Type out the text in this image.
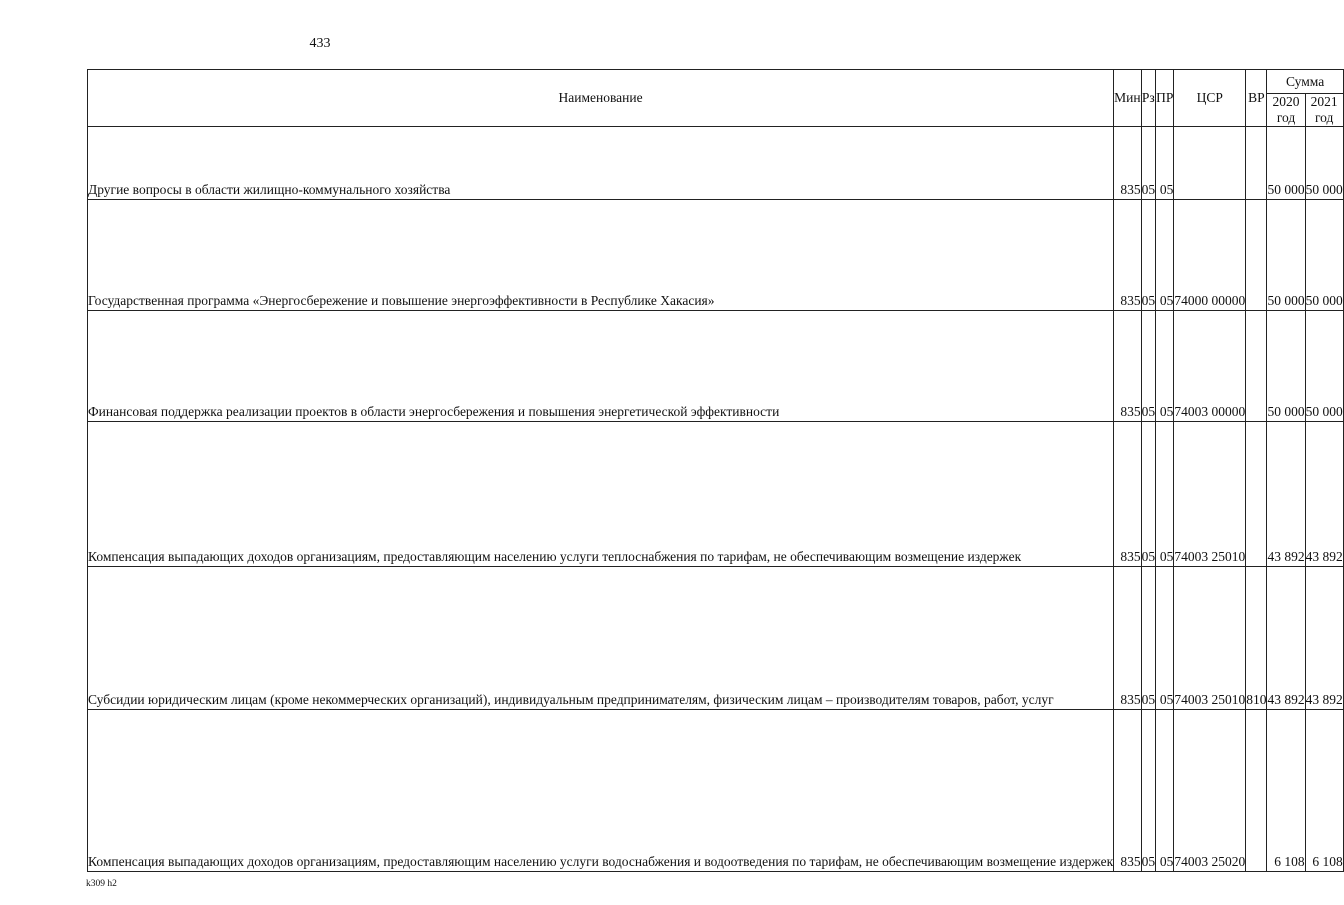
433
Наименование	Мин	Рз	ПР	ЦСР	ВР	Сумма	
						2020 год	2021 год
Другие вопросы в области жилищно-коммунального хозяйства	835	05	05			50 000	50 000
Государственная программа «Энергосбережение и повышение энергоэффективности в Республике Хакасия»	835	05	05	74000 00000		50 000	50 000
Финансовая поддержка реализации проектов в области энергосбережения и повышения энергетической эффективности	835	05	05	74003 00000		50 000	50 000
Компенсация выпадающих доходов организациям, предоставляющим населению услуги теплоснабжения по тарифам, не обеспечивающим возмещение издержек	835	05	05	74003 25010		43 892	43 892
Субсидии юридическим лицам (кроме некоммерческих организаций), индивидуальным предпринимателям, физическим лицам – производителям товаров, работ, услуг	835	05	05	74003 25010	810	43 892	43 892
Компенсация выпадающих доходов организациям, предоставляющим населению услуги водоснабжения и водоотведения по тарифам, не обеспечивающим возмещение издержек	835	05	05	74003 25020		6 108	6 108
k309 h2
